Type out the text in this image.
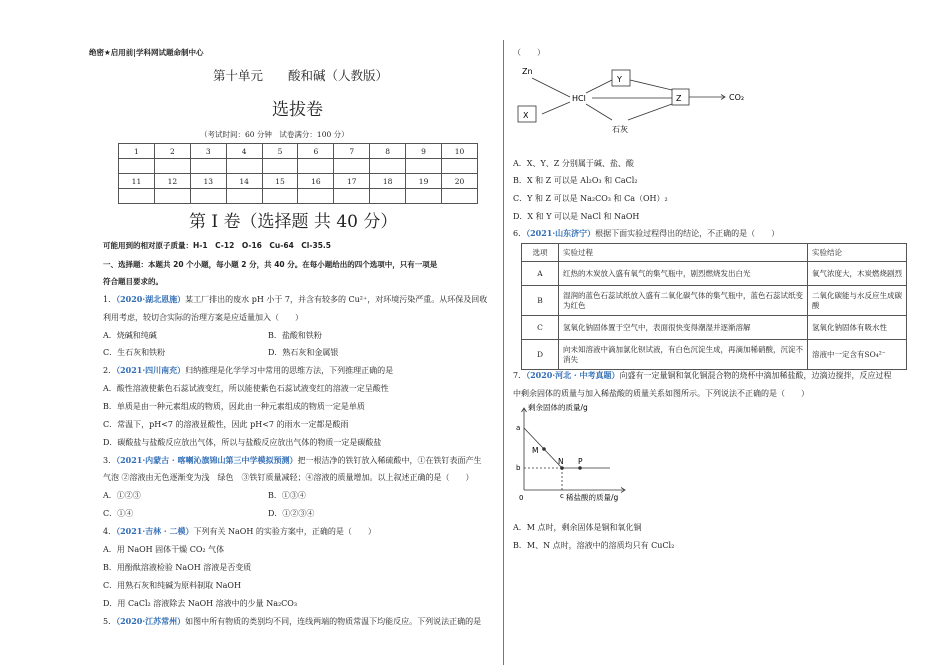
绝密★启用前|学科网试题命制中心
第十单元　　酸和碱（人教版）
选拔卷
（考试时间：60 分钟　试卷满分：100 分）
1	2	3	4	5	6	7	8	9	10

11	12	13	14	15	16	17	18	19	20

第 I 卷（选择题 共 40 分）
可能用到的相对原子质量：H-1　C-12　O-16　Cu-64　Cl-35.5
一、选择题：本题共 20 个小题，每小题 2 分，共 40 分。在每小题给出的四个选项中，只有一项是
符合题目要求的。
1．（2020·湖北恩施）某工厂排出的废水 pH 小于 7，并含有较多的 Cu²⁺，对环境污染严重。从环保及回收
利用考虑，较切合实际的治理方案是应适量加入（　　）
A．烧碱和纯碱	B．盐酸和铁粉
C．生石灰和铁粉	D．熟石灰和金属银
2．（2021·四川南充）归纳推理是化学学习中常用的思维方法，下列推理正确的是
A．酸性溶液使紫色石蕊试液变红，所以能使紫色石蕊试液变红的溶液一定呈酸性
B．单质是由一种元素组成的物质，因此由一种元素组成的物质一定是单质
C．常温下，pH<7 的溶液显酸性，因此 pH<7 的雨水一定都是酸雨
D．碳酸盐与盐酸反应放出气体，所以与盐酸反应放出气体的物质一定是碳酸盐
3．（2021·内蒙古 · 喀喇沁旗锦山第三中学模拟预测）把一根洁净的铁钉放入稀硫酸中，①在铁钉表面产生
气泡 ②溶液由无色逐渐变为浅　绿色　③铁钉质量减轻；④溶液的质量增加。以上叙述正确的是（　　）
A．①②③	B．①③④
C．①④	D．①②③④
4．（2021·吉林 · 二模）下列有关 NaOH 的实验方案中，正确的是（　　）
A．用 NaOH 固体干燥 CO₂ 气体
B．用酚酞溶液检验 NaOH 溶液是否变质
C．用熟石灰和纯碱为原料制取 NaOH
D．用 CaCl₂ 溶液除去 NaOH 溶液中的少量 Na₂CO₃
5．（2020·江苏常州）如图中所有物质的类别均不同，连线两端的物质常温下均能反应。下列说法正确的是
（　　）
Zn
Y
HCl	Z	CO₂
X
石灰
A．X、Y、Z 分别属于碱、盐、酸
B．X 和 Z 可以是 Al₂O₃ 和 CaCl₂
C．Y 和 Z 可以是 Na₂CO₃ 和 Ca（OH）₂
D．X 和 Y 可以是 NaCl 和 NaOH
6．（2021·山东济宁）根据下面实验过程得出的结论，不正确的是（　　）
选项	实验过程	实验结论
A	红热的木炭放入盛有氧气的集气瓶中，剧烈燃烧发出白光	氧气浓度大，木炭燃烧剧烈
B	湿润的蓝色石蕊试纸放入盛有二氧化碳气体的集气瓶中，蓝色石蕊试纸变为红色	二氧化碳能与水反应生成碳酸
C	氢氧化钠固体置于空气中，表面很快变得潮湿并逐渐溶解	氢氧化钠固体有吸水性
D	向未知溶液中滴加氯化钡试液，有白色沉淀生成，再滴加稀硝酸，沉淀不消失	溶液中一定含有SO₄²⁻
7．（2020·河北 · 中考真题）向盛有一定量铜和氧化铜混合物的烧杯中滴加稀盐酸，边滴边搅拌，反应过程
中剩余固体的质量与加入稀盐酸的质量关系如图所示。下列说法不正确的是（　　）
剩余固体的质量/g
稀盐酸的质量/g
0
a
b
c
M
N P
A．M 点时，剩余固体是铜和氧化铜
B．M、N 点时，溶液中的溶质均只有 CuCl₂
